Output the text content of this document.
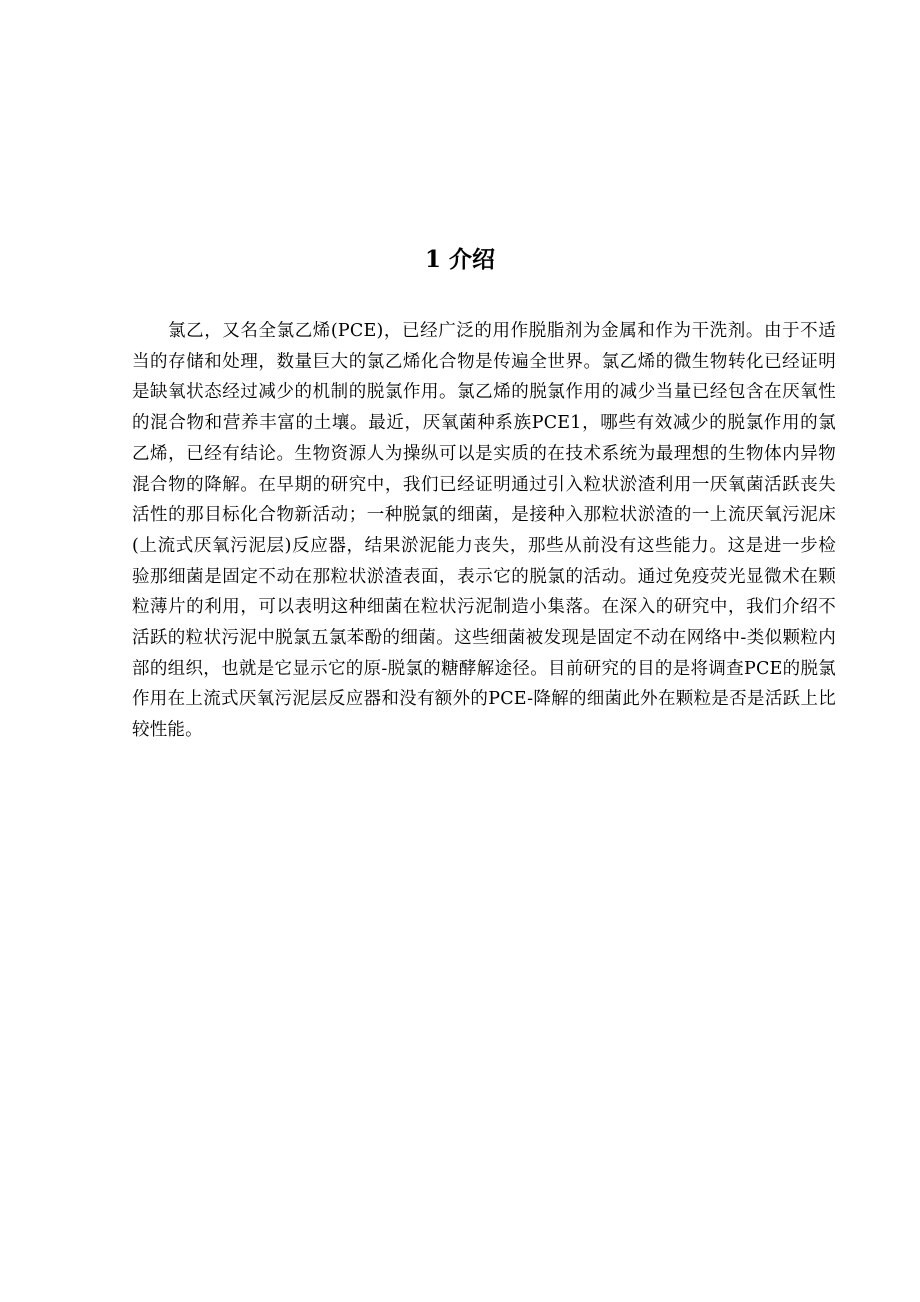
1 介绍

氯乙，又名全氯乙烯(PCE)，已经广泛的用作脱脂剂为金属和作为干洗剂。由于不适当的存储和处理，数量巨大的氯乙烯化合物是传遍全世界。氯乙烯的微生物转化已经证明是缺氧状态经过减少的机制的脱氯作用。氯乙烯的脱氯作用的减少当量已经包含在厌氧性的混合物和营养丰富的土壤。最近，厌氧菌种系族PCE1，哪些有效减少的脱氯作用的氯乙烯，已经有结论。生物资源人为操纵可以是实质的在技术系统为最理想的生物体内异物混合物的降解。在早期的研究中，我们已经证明通过引入粒状淤渣利用一厌氧菌活跃丧失活性的那目标化合物新活动；一种脱氯的细菌，是接种入那粒状淤渣的一上流厌氧污泥床(上流式厌氧污泥层)反应器，结果淤泥能力丧失，那些从前没有这些能力。这是进一步检验那细菌是固定不动在那粒状淤渣表面，表示它的脱氯的活动。通过免疫荧光显微术在颗粒薄片的利用，可以表明这种细菌在粒状污泥制造小集落。在深入的研究中，我们介绍不活跃的粒状污泥中脱氯五氯苯酚的细菌。这些细菌被发现是固定不动在网络中-类似颗粒内部的组织，也就是它显示它的原-脱氯的糖酵解途径。目前研究的目的是将调查PCE的脱氯作用在上流式厌氧污泥层反应器和没有额外的PCE-降解的细菌此外在颗粒是否是活跃上比较性能。
